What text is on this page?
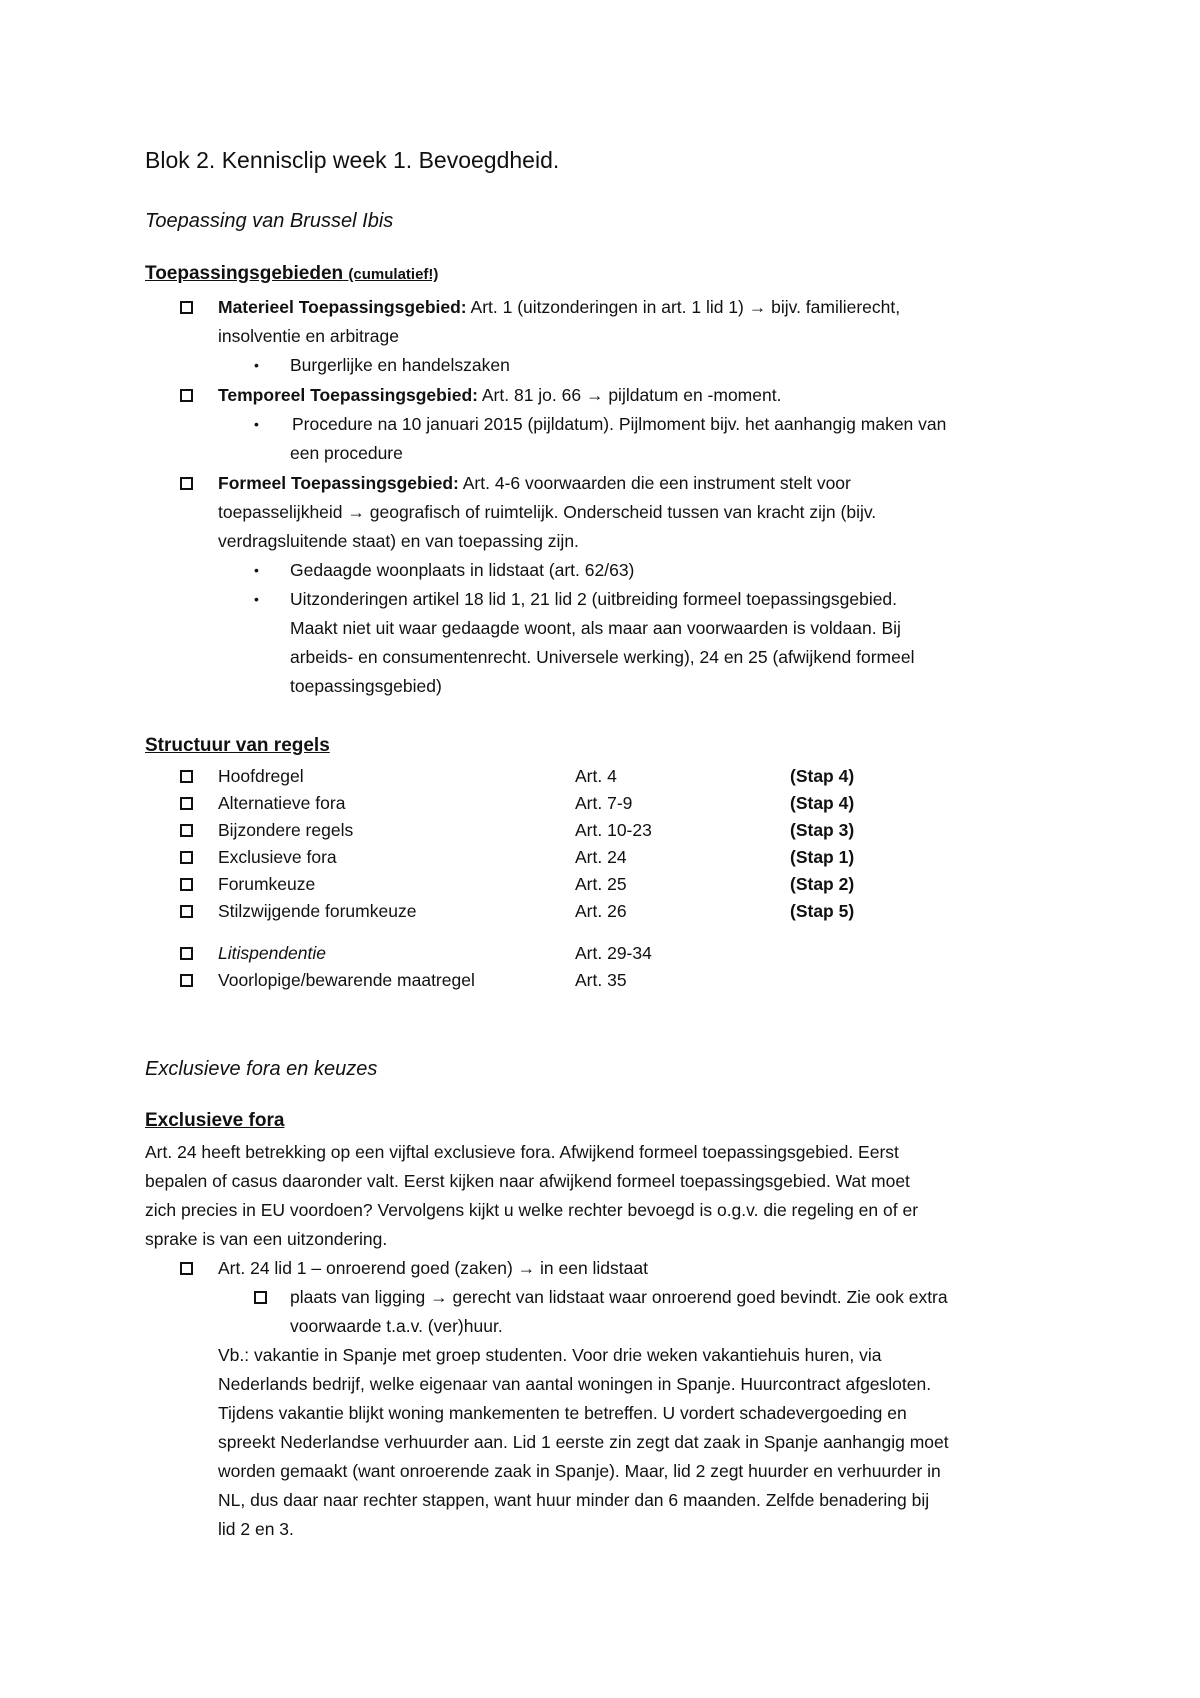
Blok 2. Kennisclip week 1. Bevoegdheid.
Toepassing van Brussel Ibis
Toepassingsgebieden (cumulatief!)
Materieel Toepassingsgebied: Art. 1 (uitzonderingen in art. 1 lid 1) → bijv. familierecht,
insolventie en arbitrage
• Burgerlijke en handelszaken
Temporeel Toepassingsgebied: Art. 81 jo. 66 → pijldatum en -moment.
• Procedure na 10 januari 2015 (pijldatum). Pijlmoment bijv. het aanhangig maken van
een procedure
Formeel Toepassingsgebied: Art. 4-6 voorwaarden die een instrument stelt voor
toepasselijkheid → geografisch of ruimtelijk. Onderscheid tussen van kracht zijn (bijv.
verdragsluitende staat) en van toepassing zijn.
• Gedaagde woonplaats in lidstaat (art. 62/63)
• Uitzonderingen artikel 18 lid 1, 21 lid 2 (uitbreiding formeel toepassingsgebied.
Maakt niet uit waar gedaagde woont, als maar aan voorwaarden is voldaan. Bij
arbeids- en consumentenrecht. Universele werking), 24 en 25 (afwijkend formeel
toepassingsgebied)
Structuur van regels
Hoofdregel	Art. 4	(Stap 4)
Alternatieve fora	Art. 7-9	(Stap 4)
Bijzondere regels	Art. 10-23	(Stap 3)
Exclusieve fora	Art. 24	(Stap 1)
Forumkeuze	Art. 25	(Stap 2)
Stilzwijgende forumkeuze	Art. 26	(Stap 5)
Litispendentie	Art. 29-34
Voorlopige/bewarende maatregel	Art. 35
Exclusieve fora en keuzes
Exclusieve fora
Art. 24 heeft betrekking op een vijftal exclusieve fora. Afwijkend formeel toepassingsgebied. Eerst
bepalen of casus daaronder valt. Eerst kijken naar afwijkend formeel toepassingsgebied. Wat moet
zich precies in EU voordoen? Vervolgens kijkt u welke rechter bevoegd is o.g.v. die regeling en of er
sprake is van een uitzondering.
Art. 24 lid 1 – onroerend goed (zaken) → in een lidstaat
plaats van ligging → gerecht van lidstaat waar onroerend goed bevindt. Zie ook extra
voorwaarde t.a.v. (ver)huur.
Vb.: vakantie in Spanje met groep studenten. Voor drie weken vakantiehuis huren, via
Nederlands bedrijf, welke eigenaar van aantal woningen in Spanje. Huurcontract afgesloten.
Tijdens vakantie blijkt woning mankementen te betreffen. U vordert schadevergoeding en
spreekt Nederlandse verhuurder aan. Lid 1 eerste zin zegt dat zaak in Spanje aanhangig moet
worden gemaakt (want onroerende zaak in Spanje). Maar, lid 2 zegt huurder en verhuurder in
NL, dus daar naar rechter stappen, want huur minder dan 6 maanden. Zelfde benadering bij
lid 2 en 3.
